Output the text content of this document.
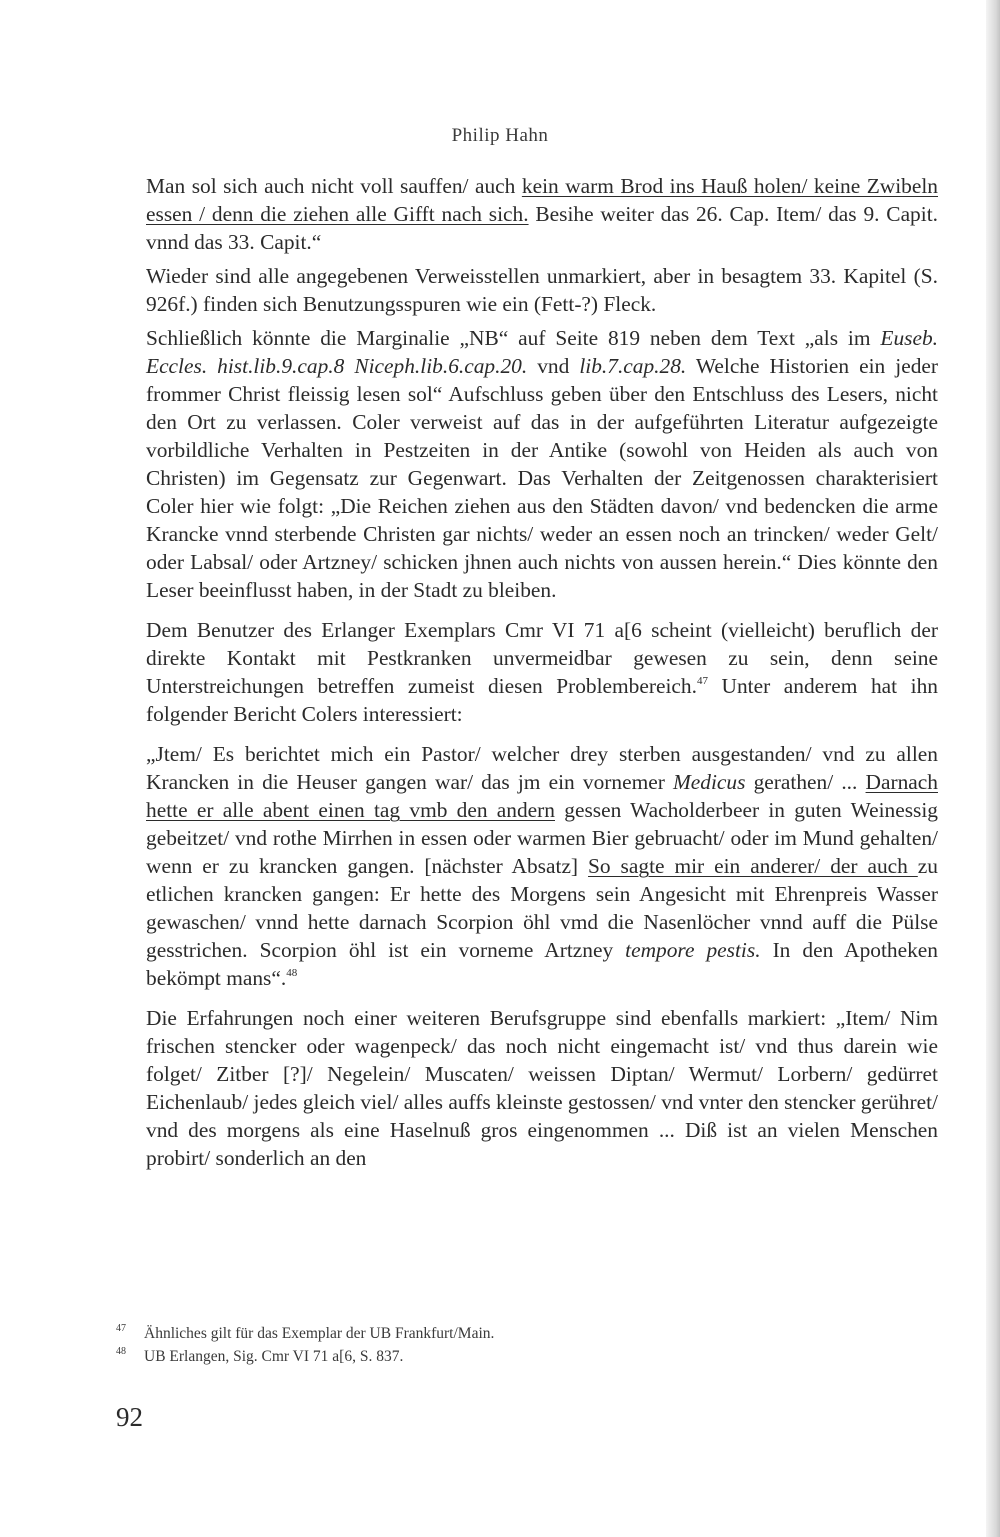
Philip Hahn

Man sol sich auch nicht voll sauffen/ auch kein warm Brod ins Hauß holen/ keine Zwibeln essen / denn die ziehen alle Gifft nach sich. Besihe weiter das 26. Cap. Item/ das 9. Capit. vnnd das 33. Capit.“

Wieder sind alle angegebenen Verweisstellen unmarkiert, aber in besagtem 33. Kapitel (S. 926f.) finden sich Benutzungsspuren wie ein (Fett-?) Fleck.

Schließlich könnte die Marginalie „NB“ auf Seite 819 neben dem Text „als im Euseb. Eccles. hist.lib.9.cap.8 Niceph.lib.6.cap.20. vnd lib.7.cap.28. Welche Historien ein jeder frommer Christ fleissig lesen sol“ Aufschluss geben über den Entschluss des Lesers, nicht den Ort zu verlassen. Coler verweist auf das in der aufgeführten Literatur aufgezeigte vorbildliche Verhalten in Pestzeiten in der Antike (sowohl von Heiden als auch von Christen) im Gegensatz zur Gegenwart. Das Verhalten der Zeitgenossen charakterisiert Coler hier wie folgt: „Die Reichen ziehen aus den Städten davon/ vnd bedencken die arme Krancke vnnd sterbende Christen gar nichts/ weder an essen noch an trincken/ weder Gelt/ oder Labsal/ oder Artzney/ schicken jhnen auch nichts von aussen herein.“ Dies könnte den Leser beeinflusst haben, in der Stadt zu bleiben.

Dem Benutzer des Erlanger Exemplars Cmr VI 71 a[6 scheint (vielleicht) beruflich der direkte Kontakt mit Pestkranken unvermeidbar gewesen zu sein, denn seine Unterstreichungen betreffen zumeist diesen Problembereich.$^{47}$ Unter anderem hat ihn folgender Bericht Colers interessiert:

„Jtem/ Es berichtet mich ein Pastor/ welcher drey sterben ausgestanden/ vnd zu allen Krancken in die Heuser gangen war/ das jm ein vornemer Medicus gerathen/ ... Darnach hette er alle abent einen tag vmb den andern gessen Wacholderbeer in guten Weinessig gebeitzet/ vnd rothe Mirrhen in essen oder warmen Bier gebruacht/ oder im Mund gehalten/ wenn er zu krancken gangen. [nächster Absatz] So sagte mir ein anderer/ der auch zu etlichen krancken gangen: Er hette des Morgens sein Angesicht mit Ehrenpreis Wasser gewaschen/ vnnd hette darnach Scorpion öhl vmd die Nasenlöcher vnnd auff die Pülse gesstrichen. Scorpion öhl ist ein vorneme Artzney tempore pestis. In den Apotheken bekömpt mans“.$^{48}$

Die Erfahrungen noch einer weiteren Berufsgruppe sind ebenfalls markiert: „Item/ Nim frischen stencker oder wagenpeck/ das noch nicht eingemacht ist/ vnd thus darein wie folget/ Zitber [?]/ Negelein/ Muscaten/ weissen Diptan/ Wermut/ Lorbern/ gedürret Eichenlaub/ jedes gleich viel/ alles auffs kleinste gestossen/ vnd vnter den stencker gerühret/ vnd des morgens als eine Haselnuß gros eingenommen ... Diß ist an vielen Menschen probirt/ sonderlich an den

47	Ähnliches gilt für das Exemplar der UB Frankfurt/Main.
48	UB Erlangen, Sig. Cmr VI 71 a[6, S. 837.
92
